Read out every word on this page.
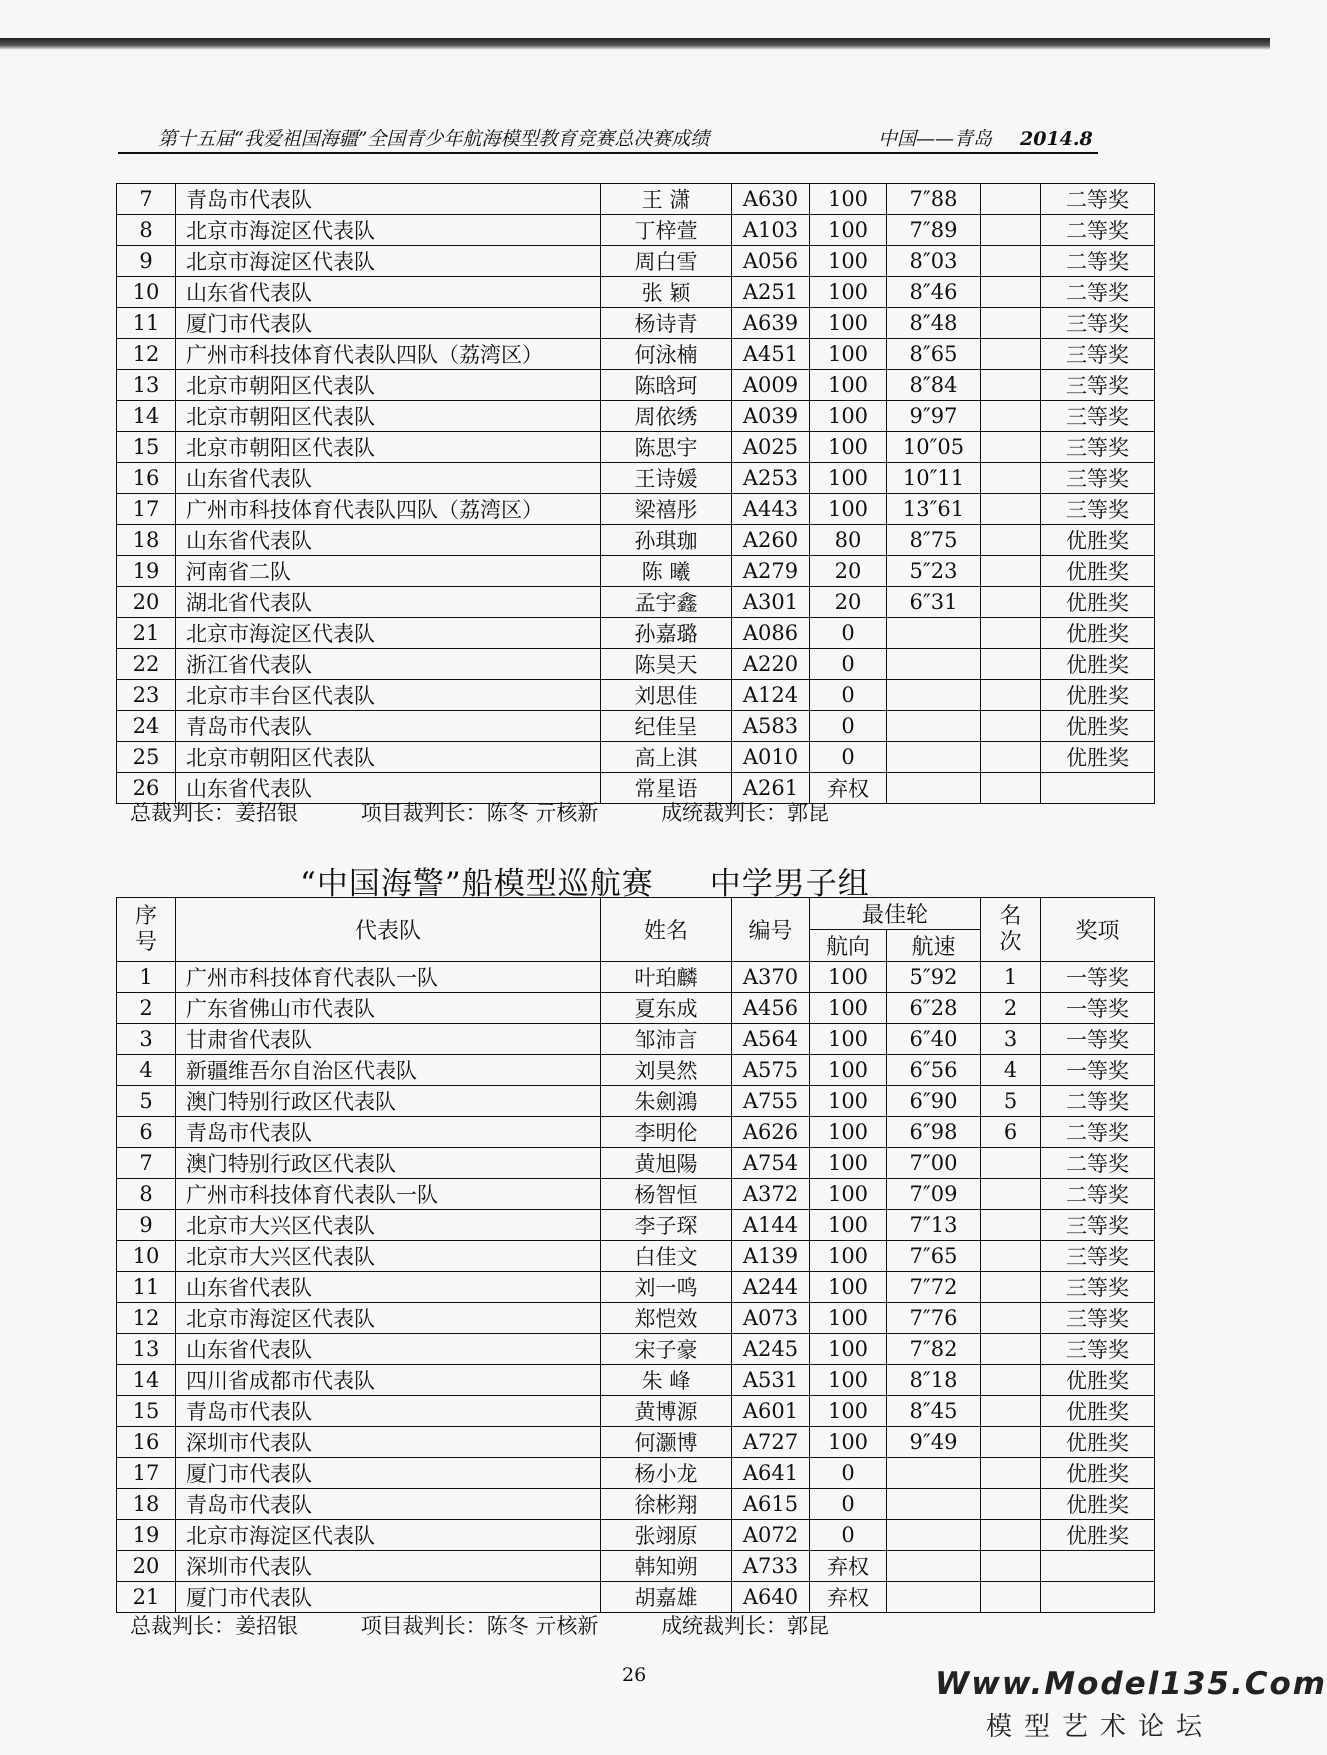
第十五届“我爱祖国海疆”全国青少年航海模型教育竞赛总决赛成绩	中国——青岛 2014.8
7	青岛市代表队	王 潇	A630	100	7″88		二等奖
8	北京市海淀区代表队	丁梓萱	A103	100	7″89		二等奖
9	北京市海淀区代表队	周白雪	A056	100	8″03		二等奖
10	山东省代表队	张 颖	A251	100	8″46		二等奖
11	厦门市代表队	杨诗青	A639	100	8″48		三等奖
12	广州市科技体育代表队四队（荔湾区）	何泳楠	A451	100	8″65		三等奖
13	北京市朝阳区代表队	陈晗珂	A009	100	8″84		三等奖
14	北京市朝阳区代表队	周依绣	A039	100	9″97		三等奖
15	北京市朝阳区代表队	陈思宇	A025	100	10″05		三等奖
16	山东省代表队	王诗媛	A253	100	10″11		三等奖
17	广州市科技体育代表队四队（荔湾区）	梁禧彤	A443	100	13″61		三等奖
18	山东省代表队	孙琪珈	A260	80	8″75		优胜奖
19	河南省二队	陈 曦	A279	20	5″23		优胜奖
20	湖北省代表队	孟宇鑫	A301	20	6″31		优胜奖
21	北京市海淀区代表队	孙嘉璐	A086	0			优胜奖
22	浙江省代表队	陈昊天	A220	0			优胜奖
23	北京市丰台区代表队	刘思佳	A124	0			优胜奖
24	青岛市代表队	纪佳呈	A583	0			优胜奖
25	北京市朝阳区代表队	高上淇	A010	0			优胜奖
26	山东省代表队	常星语	A261	弃权			
总裁判长：姜招银	项目裁判长：陈冬 亓核新	成统裁判长：郭昆
“中国海警”船模型巡航赛 中学男子组
序号	代表队	姓名	编号	最佳轮		名次	奖项
				航向	航速		
1	广州市科技体育代表队一队	叶珀麟	A370	100	5″92	1	一等奖
2	广东省佛山市代表队	夏东成	A456	100	6″28	2	一等奖
3	甘肃省代表队	邹沛言	A564	100	6″40	3	一等奖
4	新疆维吾尔自治区代表队	刘昊然	A575	100	6″56	4	一等奖
5	澳门特别行政区代表队	朱劍鴻	A755	100	6″90	5	二等奖
6	青岛市代表队	李明伦	A626	100	6″98	6	二等奖
7	澳门特别行政区代表队	黄旭陽	A754	100	7″00		二等奖
8	广州市科技体育代表队一队	杨智恒	A372	100	7″09		二等奖
9	北京市大兴区代表队	李子琛	A144	100	7″13		三等奖
10	北京市大兴区代表队	白佳文	A139	100	7″65		三等奖
11	山东省代表队	刘一鸣	A244	100	7″72		三等奖
12	北京市海淀区代表队	郑恺效	A073	100	7″76		三等奖
13	山东省代表队	宋子豪	A245	100	7″82		三等奖
14	四川省成都市代表队	朱 峰	A531	100	8″18		优胜奖
15	青岛市代表队	黄博源	A601	100	8″45		优胜奖
16	深圳市代表队	何灏博	A727	100	9″49		优胜奖
17	厦门市代表队	杨小龙	A641	0			优胜奖
18	青岛市代表队	徐彬翔	A615	0			优胜奖
19	北京市海淀区代表队	张翊原	A072	0			优胜奖
20	深圳市代表队	韩知朔	A733	弃权			
21	厦门市代表队	胡嘉雄	A640	弃权			
总裁判长：姜招银	项目裁判长：陈冬 亓核新	成统裁判长：郭昆
26	Www.Model135.Com
模型艺术论坛
